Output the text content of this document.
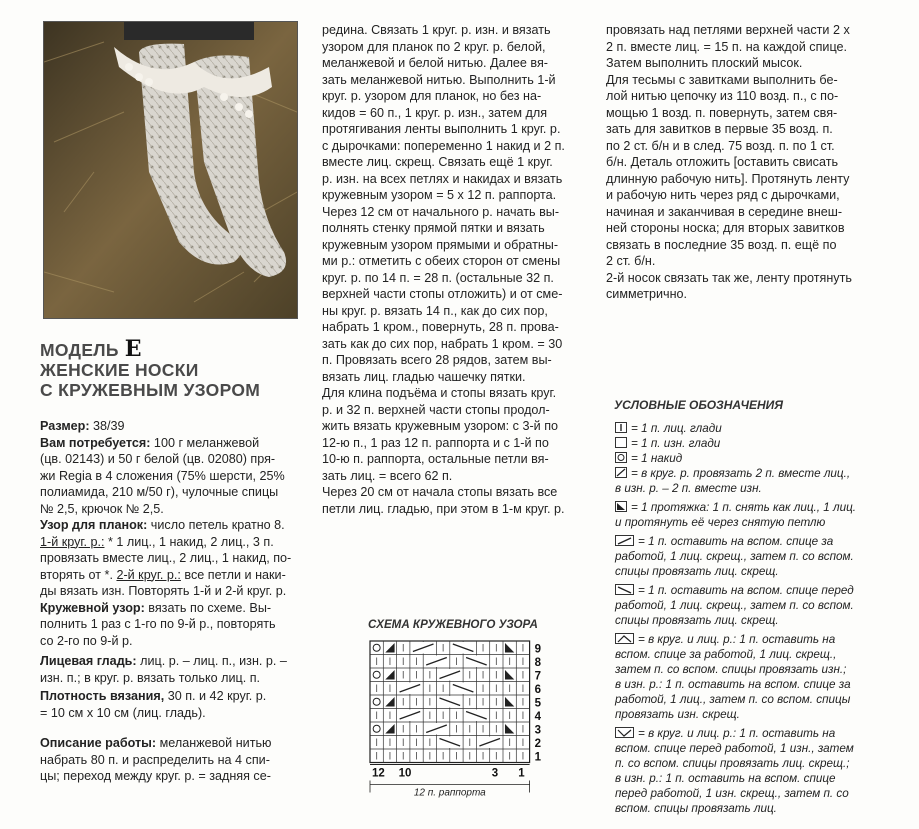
МОДЕЛЬ E
ЖЕНСКИЕ НОСКИ
С КРУЖЕВНЫМ УЗОРОМ

Размер: 38/39

Вам потребуется: 100 г меланжевой

(цв. 02143) и 50 г белой (цв. 02080) пря-
жи Regia в 4 сложения (75% шерсти, 25%
полиамида, 210 м/50 г), чулочные спицы
№ 2,5, крючок № 2,5.

Узор для планок: число петель кратно 8.

1-й круг. р.: * 1 лиц., 1 накид, 2 лиц., 3 п.
провязать вместе лиц., 2 лиц., 1 накид, по-
вторять от *. 2-й круг. р.: все петли и наки-
ды вязать изн. Повторять 1-й и 2-й круг. р.

Кружевной узор: вязать по схеме. Вы-

полнить 1 раз с 1-го по 9-й р., повторять
со 2-го по 9-й р.

Лицевая гладь: лиц. р. – лиц. п., изн. р. –

изн. п.; в круг. р. вязать только лиц. п.

Плотность вязания, 30 п. и 42 круг. р.

= 10 см х 10 см (лиц. гладь).

Описание работы: меланжевой нитью

набрать 80 п. и распределить на 4 спи-
цы; переход между круг. р. = задняя се-
редина. Связать 1 круг. р. изн. и вязать
узором для планок по 2 круг. р. белой,
меланжевой и белой нитью. Далее вя-
зать меланжевой нитью. Выполнить 1-й
круг. р. узором для планок, но без на-
кидов = 60 п., 1 круг. р. изн., затем для
протягивания ленты выполнить 1 круг. р.
с дырочками: попеременно 1 накид и 2 п.
вместе лиц. скрещ. Связать ещё 1 круг.
р. изн. на всех петлях и накидах и вязать
кружевным узором = 5 х 12 п. раппорта.
Через 12 см от начального р. начать вы-
полнять стенку прямой пятки и вязать
кружевным узором прямыми и обратны-
ми р.: отметить с обеих сторон от смены
круг. р. по 14 п. = 28 п. (остальные 32 п.
верхней части стопы отложить) и от сме-
ны круг. р. вязать 14 п., как до сих пор,
набрать 1 кром., повернуть, 28 п. прова-
зать как до сих пор, набрать 1 кром. = 30
п. Провязать всего 28 рядов, затем вы-
вязать лиц. гладью чашечку пятки.
Для клина подъёма и стопы вязать круг.
р. и 32 п. верхней части стопы продол-
жить вязать кружевным узором: с 3-й по
12-ю п., 1 раз 12 п. раппорта и с 1-й по
10-ю п. раппорта, остальные петли вя-
зать лиц. = всего 62 п.
Через 20 см от начала стопы вязать все
петли лиц. гладью, при этом в 1-м круг. р.
провязать над петлями верхней части 2 х
2 п. вместе лиц. = 15 п. на каждой спице.
Затем выполнить плоский мысок.
Для тесьмы с завитками выполнить бе-
лой нитью цепочку из 110 возд. п., с по-
мощью 1 возд. п. повернуть, затем свя-
зать для завитков в первые 35 возд. п.
по 2 ст. б/н и в след. 75 возд. п. по 1 ст.
б/н. Деталь отложить [оставить свисать
длинную рабочую нить]. Протянуть ленту
и рабочую нить через ряд с дырочками,
начиная и заканчивая в середине внеш-
ней стороны носка; для вторых завитков
связать в последние 35 возд. п. ещё по
2 ст. б/н.
2-й носок связать так же, ленту протянуть
симметрично.
УСЛОВНЫЕ ОБОЗНАЧЕНИЯ
= 1 п. лиц. глади
= 1 п. изн. глади
= 1 накид
= в круг. р. провязать 2 п. вместе лиц.,
в изн. р. – 2 п. вместе изн.
= 1 протяжка: 1 п. снять как лиц., 1 лиц.
и протянуть её через снятую петлю
= 1 п. оставить на вспом. спице за
работой, 1 лиц. скрещ., затем п. со вспом.
спицы провязать лиц. скрещ.
= 1 п. оставить на вспом. спице перед
работой, 1 лиц. скрещ., затем п. со вспом.
спицы провязать лиц. скрещ.
= в круг. и лиц. р.: 1 п. оставить на
вспом. спице за работой, 1 лиц. скрещ.,
затем п. со вспом. спицы провязать изн.;
в изн. р.: 1 п. оставить на вспом. спице за
работой, 1 лиц., затем п. со вспом. спицы
провязать изн. скрещ.
= в круг. и лиц. р.: 1 п. оставить на
вспом. спице перед работой, 1 изн., затем
п. со вспом. спицы провязать лиц. скрещ.;
в изн. р.: 1 п. оставить на вспом. спице
перед работой, 1 изн. скрещ., затем п. со
вспом. спицы провязать лиц.
СХЕМА КРУЖЕВНОГО УЗОРА
9
8
7
6
5
4
3
2
1
12 10	3 1
12 п. раппорта
